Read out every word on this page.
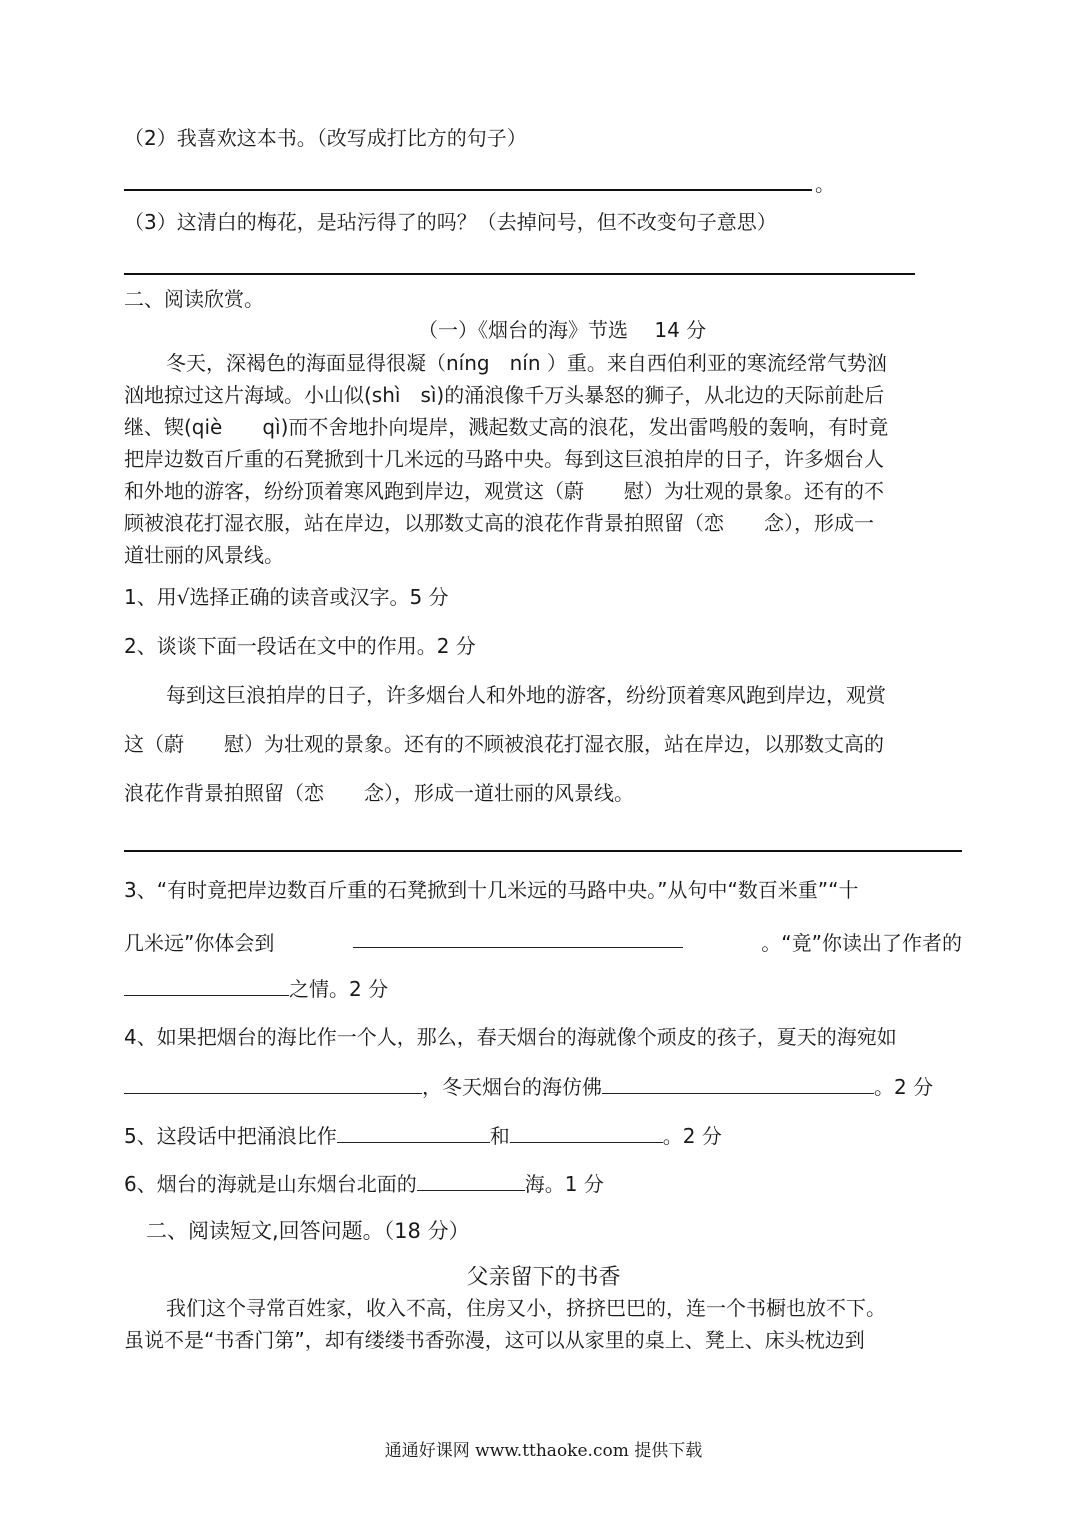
（2）我喜欢这本书。（改写成打比方的句子）
。
（3）这清白的梅花，是玷污得了的吗？（去掉问号，但不改变句子意思）
二、阅读欣赏。
（一）《烟台的海》节选　 14 分
冬天，深褐色的海面显得很凝（níng　nín ）重。来自西伯利亚的寒流经常气势汹
汹地掠过这片海域。小山似(shì　sì)的涌浪像千万头暴怒的狮子，从北边的天际前赴后
继、锲(qiè　　qì)而不舍地扑向堤岸，溅起数丈高的浪花，发出雷鸣般的轰响，有时竟
把岸边数百斤重的石凳掀到十几米远的马路中央。每到这巨浪拍岸的日子，许多烟台人
和外地的游客，纷纷顶着寒风跑到岸边，观赏这（蔚　　慰）为壮观的景象。还有的不
顾被浪花打湿衣服，站在岸边，以那数丈高的浪花作背景拍照留（恋　　念），形成一
道壮丽的风景线。
1、用√选择正确的读音或汉字。5 分
2、谈谈下面一段话在文中的作用。2 分
每到这巨浪拍岸的日子，许多烟台人和外地的游客，纷纷顶着寒风跑到岸边，观赏
这（蔚　　慰）为壮观的景象。还有的不顾被浪花打湿衣服，站在岸边，以那数丈高的
浪花作背景拍照留（恋　　念），形成一道壮丽的风景线。
3、“有时竟把岸边数百斤重的石凳掀到十几米远的马路中央。”从句中“数百米重”“十
几米远”你体会到	。“竟”你读出了作者的
之情。2 分
4、如果把烟台的海比作一个人，那么，春天烟台的海就像个顽皮的孩子，夏天的海宛如
，冬天烟台的海仿佛	。2 分
5、这段话中把涌浪比作	和	。2 分
6、烟台的海就是山东烟台北面的	海。1 分
二、阅读短文,回答问题。（18 分）
父亲留下的书香
我们这个寻常百姓家，收入不高，住房又小，挤挤巴巴的，连一个书橱也放不下。
虽说不是“书香门第”，却有缕缕书香弥漫，这可以从家里的桌上、凳上、床头枕边到
通通好课网 www.tthaoke.com 提供下载
